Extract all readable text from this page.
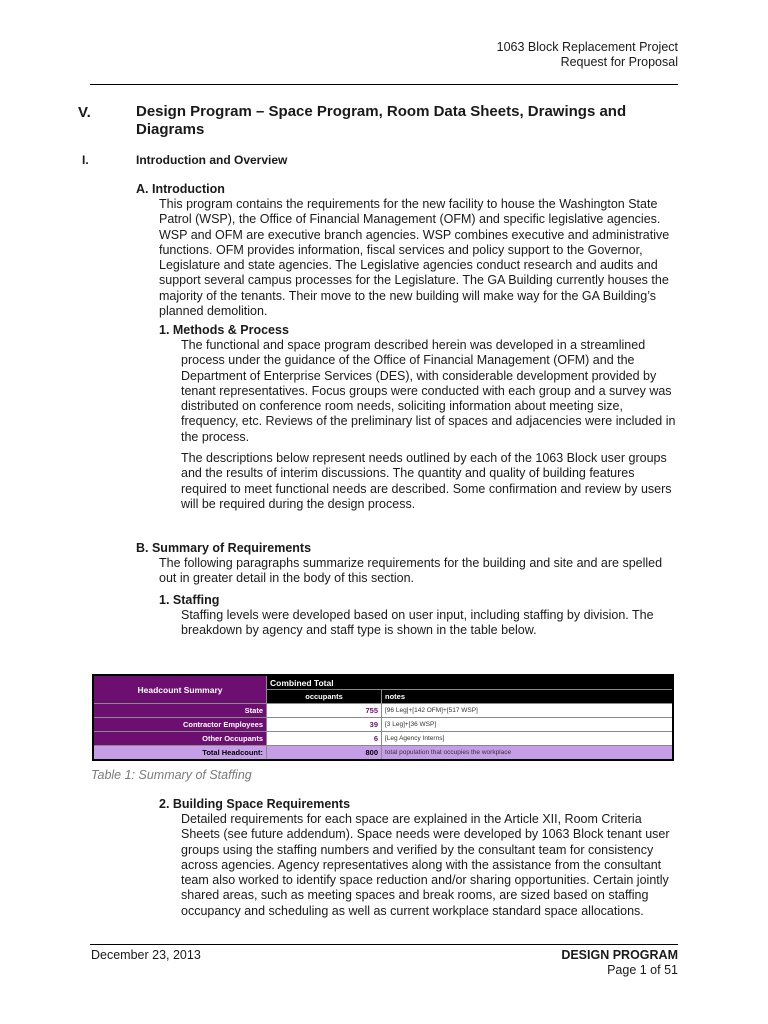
1063 Block Replacement Project
Request for Proposal
V.	Design Program – Space Program, Room Data Sheets, Drawings and Diagrams
I.	Introduction and Overview
A. Introduction
This program contains the requirements for the new facility to house the Washington State Patrol (WSP), the Office of Financial Management (OFM) and specific legislative agencies. WSP and OFM are executive branch agencies. WSP combines executive and administrative functions. OFM provides information, fiscal services and policy support to the Governor, Legislature and state agencies. The Legislative agencies conduct research and audits and support several campus processes for the Legislature. The GA Building currently houses the majority of the tenants. Their move to the new building will make way for the GA Building’s planned demolition.
1. Methods & Process
The functional and space program described herein was developed in a streamlined process under the guidance of the Office of Financial Management (OFM) and the Department of Enterprise Services (DES), with considerable development provided by tenant representatives. Focus groups were conducted with each group and a survey was distributed on conference room needs, soliciting information about meeting size, frequency, etc. Reviews of the preliminary list of spaces and adjacencies were included in the process.
The descriptions below represent needs outlined by each of the 1063 Block user groups and the results of interim discussions. The quantity and quality of building features required to meet functional needs are described. Some confirmation and review by users will be required during the design process.
B. Summary of Requirements
The following paragraphs summarize requirements for the building and site and are spelled out in greater detail in the body of this section.
1. Staffing
Staffing levels were developed based on user input, including staffing by division. The breakdown by agency and staff type is shown in the table below.
Headcount Summary	Combined Total	
	occupants	notes
State	755	[96 Leg]+[142 OFM]+[517 WSP]
Contractor Employees	39	[3 Leg]+[36 WSP]
Other Occupants	6	[Leg Agency Interns]
Total Headcount:	800	total population that occupies the workplace
Table 1: Summary of Staffing
2. Building Space Requirements
Detailed requirements for each space are explained in the Article XII, Room Criteria Sheets (see future addendum). Space needs were developed by 1063 Block tenant user groups using the staffing numbers and verified by the consultant team for consistency across agencies. Agency representatives along with the assistance from the consultant team also worked to identify space reduction and/or sharing opportunities. Certain jointly shared areas, such as meeting spaces and break rooms, are sized based on staffing occupancy and scheduling as well as current workplace standard space allocations.
December 23, 2013	DESIGN PROGRAM
Page 1 of 51
